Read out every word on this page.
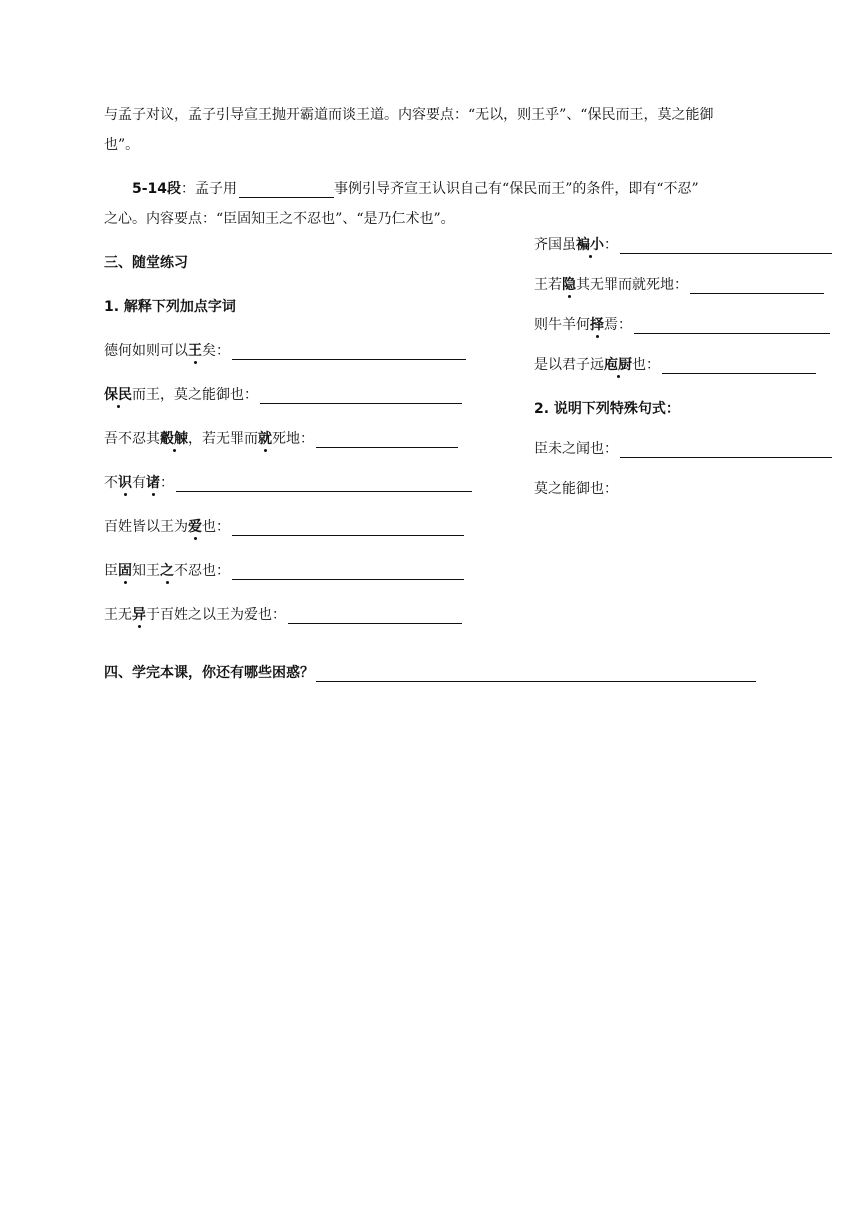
与孟子对议，孟子引导宣王抛开霸道而谈王道。内容要点：“无以，则王乎”、“保民而王，莫之能御
也”。
5-14段：孟子用	事例引导齐宣王认识自己有“保民而王”的条件，即有“不忍”
之心。内容要点：“臣固知王之不忍也”、“是乃仁术也”。
三、随堂练习
1. 解释下列加点字词
德何如则可以王矣：
保民而王，莫之能御也：
吾不忍其觳觫，若无罪而就死地：
不识有诸：
百姓皆以王为爱也：
臣固知王之不忍也：
王无异于百姓之以王为爱也：
齐国虽褊小：
王若隐其无罪而就死地：
则牛羊何择焉：
是以君子远庖厨也：
2. 说明下列特殊句式：
臣未之闻也：
莫之能御也：
四、学完本课，你还有哪些困惑？
